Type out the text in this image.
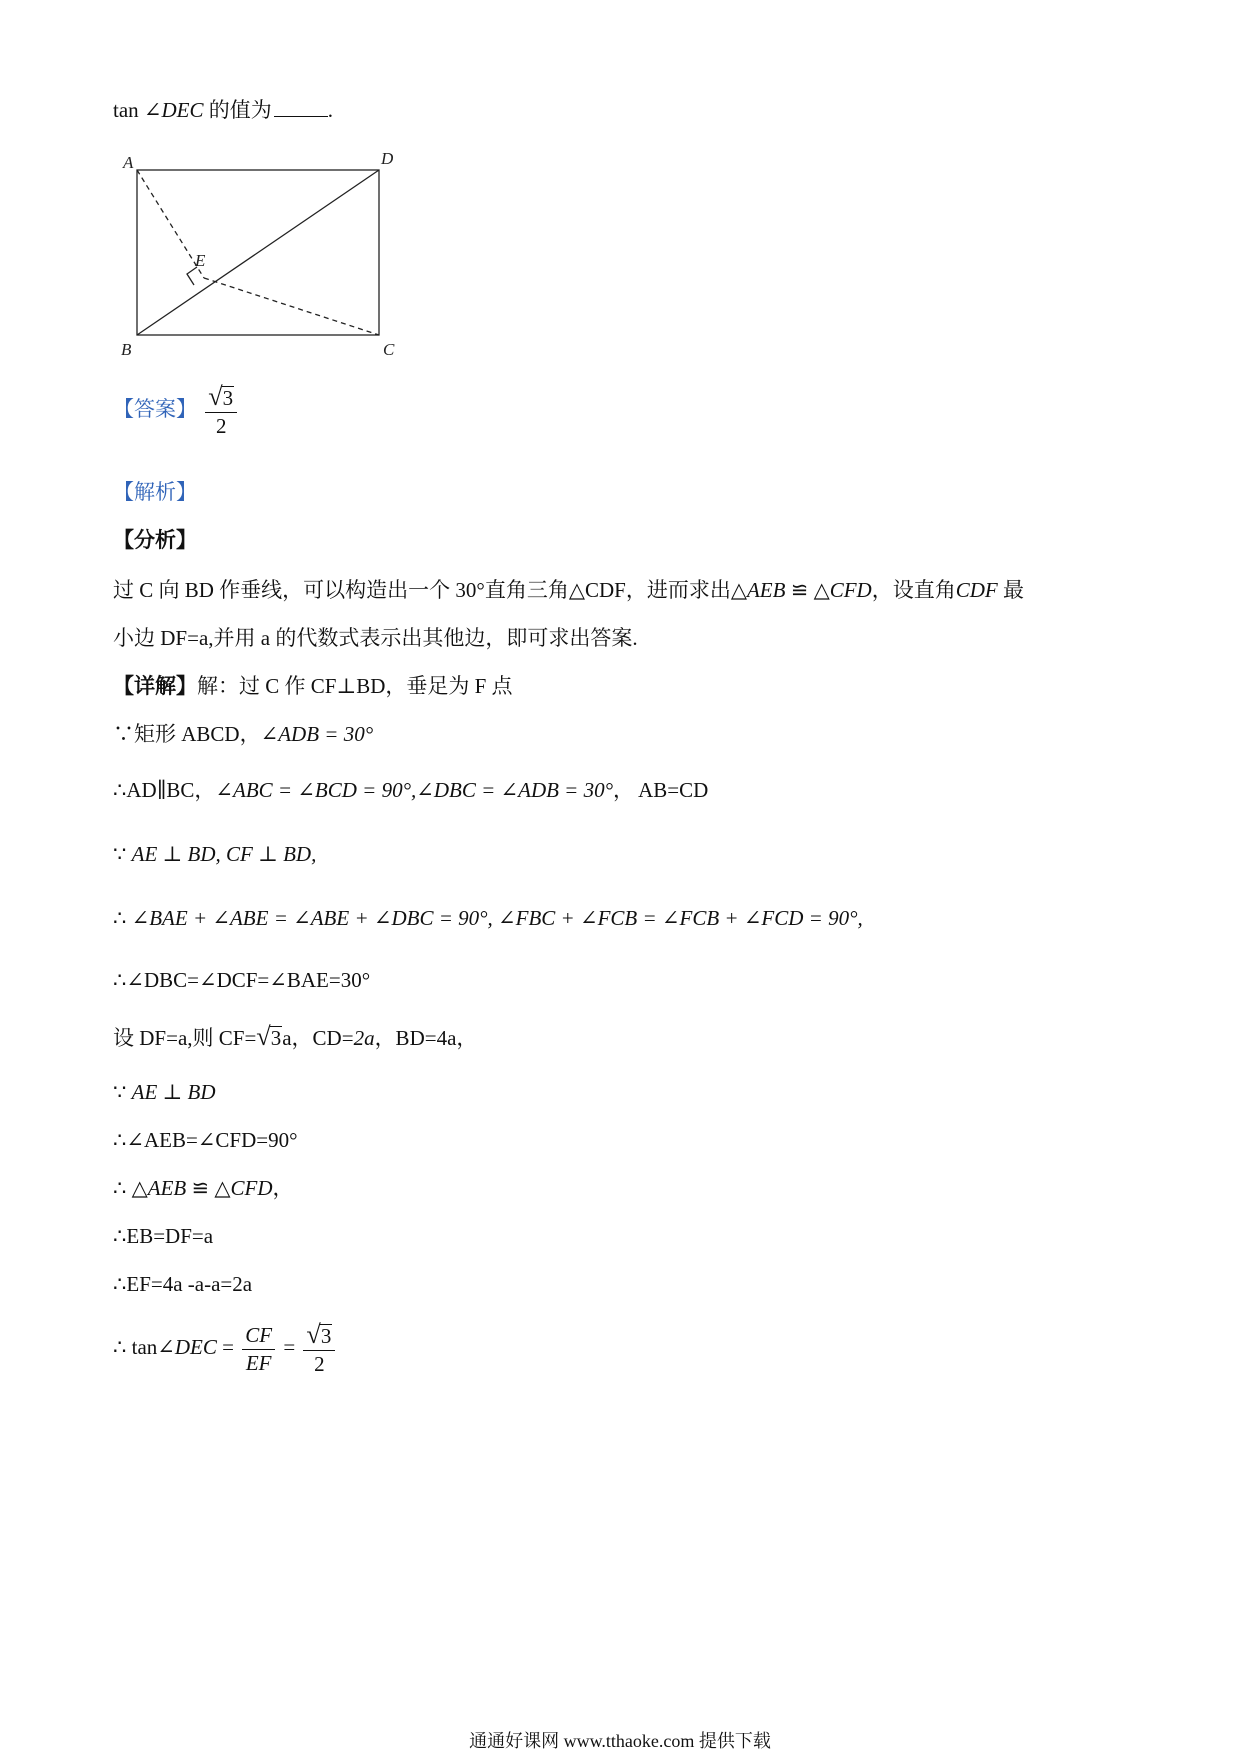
tan ∠DEC 的值为	.
A
B	C
D
E
【答案】 $\frac{√ 3}{2}$
【解析】
【分析】
过 C 向 BD 作垂线，可以构造出一个 30°直角三角△CDF，进而求出△AEB ≌ △CFD，设直角CDF 最
小边 DF=a,并用 a 的代数式表示出其他边，即可求出答案.
【详解】解：过 C 作 CF⊥BD，垂足为 F 点
∵矩形 ABCD，∠ADB = 30°
∴AD∥BC，∠ABC = ∠BCD = 90°,∠DBC = ∠ADB = 30°， AB=CD
∵ AE ⊥ BD, CF ⊥ BD,
∴ ∠BAE + ∠ABE = ∠ABE + ∠DBC = 90°, ∠FBC + ∠FCB = ∠FCB + ∠FCD = 90°,
∴∠DBC=∠DCF=∠BAE=30°
设 DF=a,则 CF= √ 3 a，CD=2a，BD=4a，
∵ AE ⊥ BD
∴∠AEB=∠CFD=90°
∴ △AEB ≌ △CFD，
∴EB=DF=a
∴EF=4a -a-a=2a
∴ tan∠DEC = $\frac{CF}{EF} = \frac{√ 3}{2}$
通通好课网 www.tthaoke.com 提供下载
